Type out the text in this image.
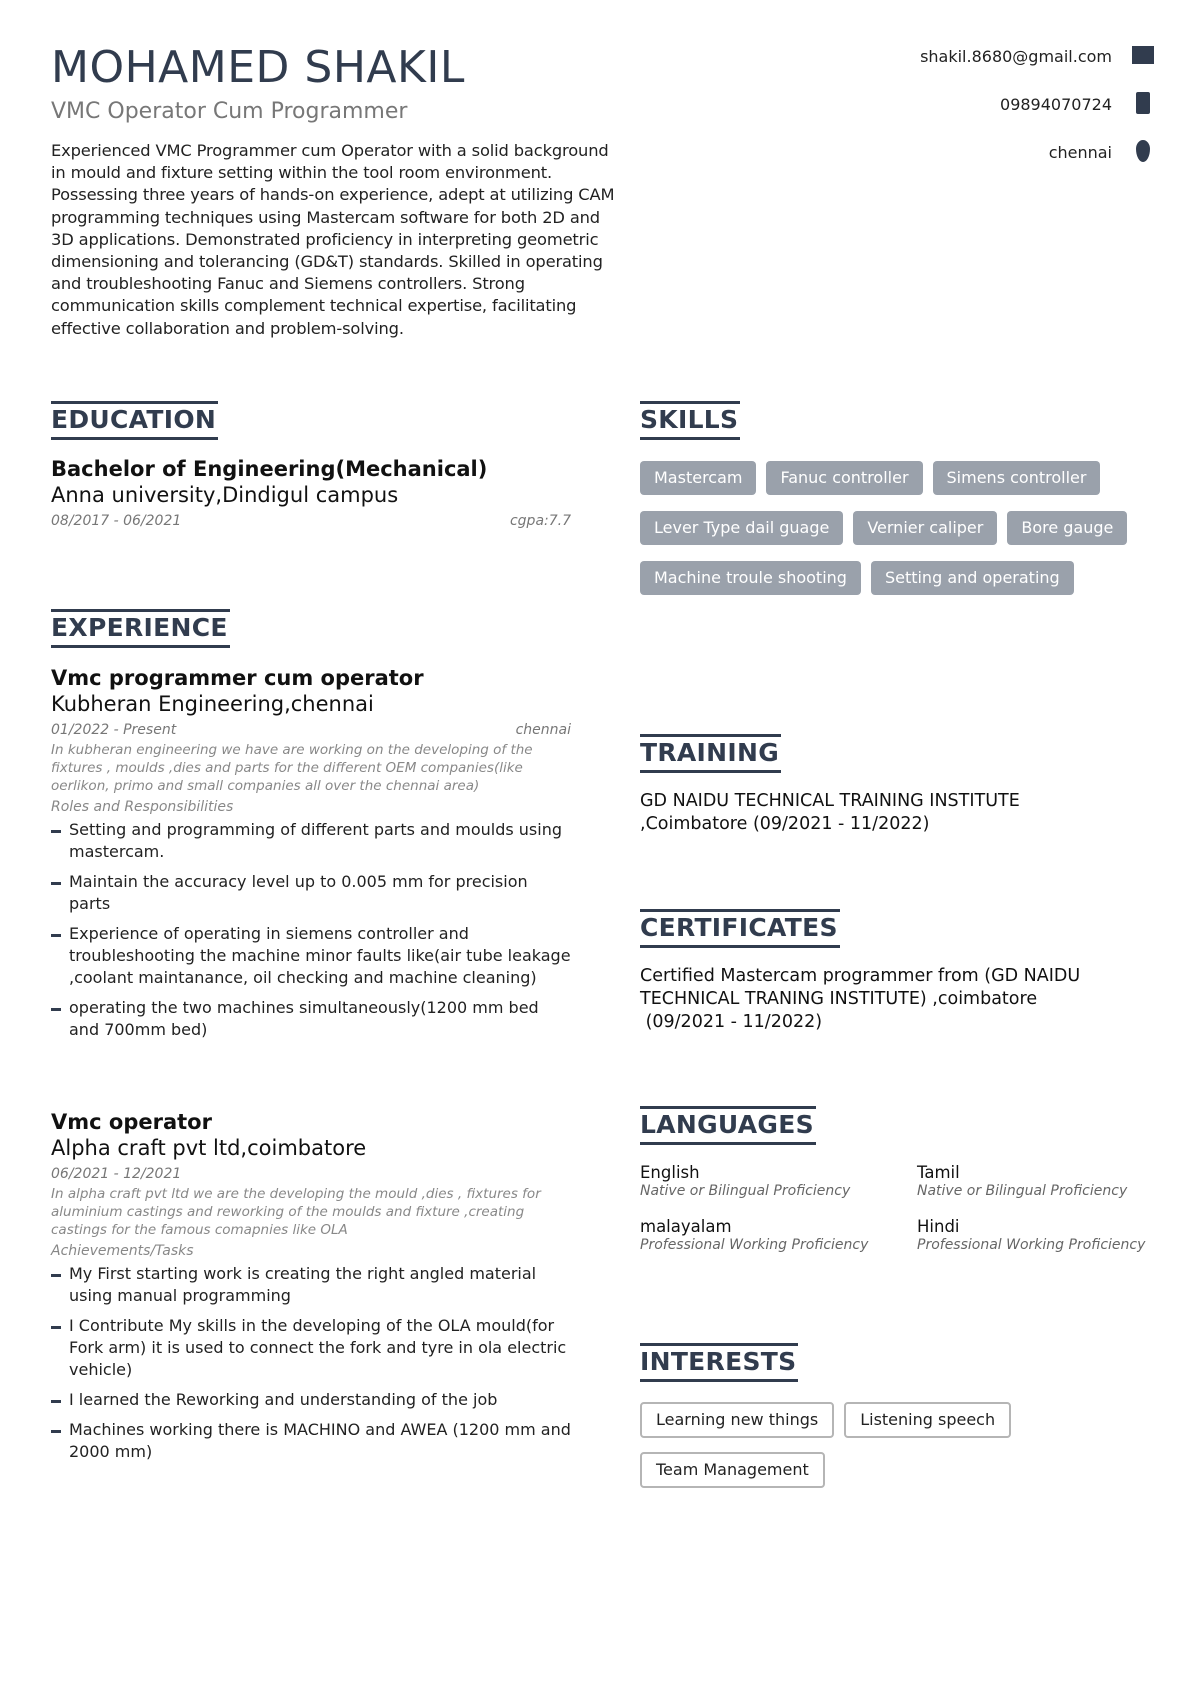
MOHAMED SHAKIL
VMC Operator Cum Programmer
Experienced VMC Programmer cum Operator with a solid background in mould and fixture setting within the tool room environment. Possessing three years of hands-on experience, adept at utilizing CAM programming techniques using Mastercam software for both 2D and 3D applications. Demonstrated proficiency in interpreting geometric dimensioning and tolerancing (GD&T) standards. Skilled in operating and troubleshooting Fanuc and Siemens controllers. Strong communication skills complement technical expertise, facilitating effective collaboration and problem-solving.
shakil.8680@gmail.com
09894070724
chennai
EDUCATION
Bachelor of Engineering(Mechanical)
Anna university,Dindigul campus
08/2017 - 06/2021	cgpa:7.7
EXPERIENCE
Vmc programmer cum operator
Kubheran Engineering,chennai
01/2022 - Present	chennai
In kubheran engineering we have are working on the developing of the fixtures , moulds ,dies and parts for the different OEM companies(like oerlikon, primo and small companies all over the chennai area)
Roles and Responsibilities
Setting and programming of different parts and moulds using mastercam.
Maintain the accuracy level up to 0.005 mm for precision parts
Experience of operating in siemens controller and troubleshooting the machine minor faults like(air tube leakage ,coolant maintanance, oil checking and machine cleaning)
operating the two machines simultaneously(1200 mm bed and 700mm bed)
Vmc operator
Alpha craft pvt ltd,coimbatore
06/2021 - 12/2021
In alpha craft pvt ltd we are the developing the mould ,dies , fixtures for aluminium castings and reworking of the moulds and fixture ,creating castings for the famous comapnies like OLA
Achievements/Tasks
My First starting work is creating the right angled material using manual programming
I Contribute My skills in the developing of the OLA mould(for Fork arm) it is used to connect the fork and tyre in ola electric vehicle)
I learned the Reworking and understanding of the job
Machines working there is MACHINO and AWEA (1200 mm and 2000 mm)
SKILLS
Mastercam	Fanuc controller	Simens controller
Lever Type dail guage	Vernier caliper	Bore gauge
Machine troule shooting	Setting and operating
TRAINING
GD NAIDU TECHNICAL TRAINING INSTITUTE
,Coimbatore (09/2021 - 11/2022)
CERTIFICATES
Certified Mastercam programmer from (GD NAIDU
TECHNICAL TRANING INSTITUTE) ,coimbatore
(09/2021 - 11/2022)
LANGUAGES
English
Native or Bilingual Proficiency
Tamil
Native or Bilingual Proficiency
malayalam
Professional Working Proficiency
Hindi
Professional Working Proficiency
INTERESTS
Learning new things	Listening speech
Team Management
